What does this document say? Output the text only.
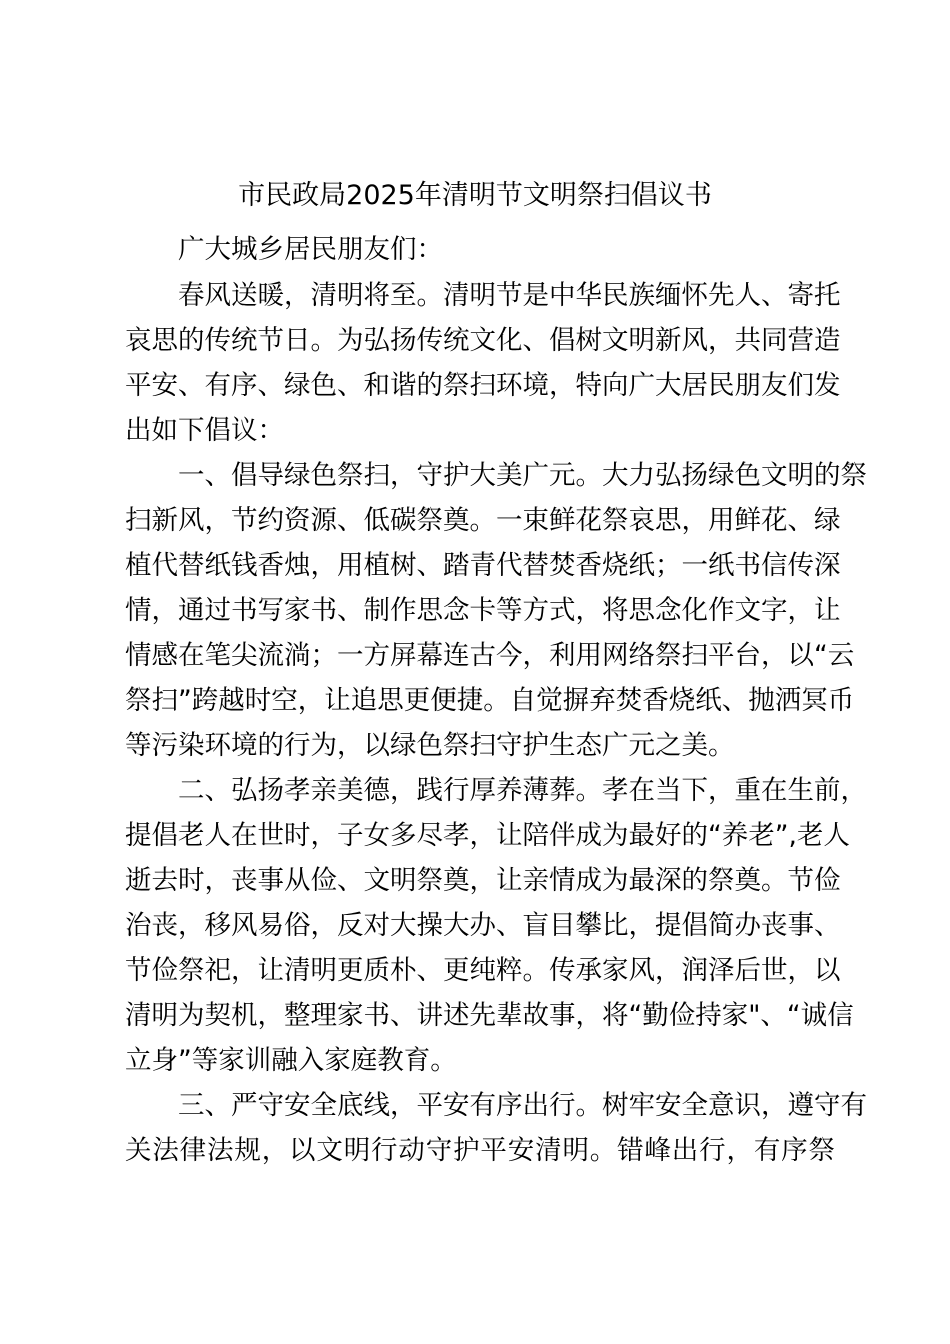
市民政局2025年清明节文明祭扫倡议书
广大城乡居民朋友们：
春风送暖，清明将至。清明节是中华民族缅怀先人、寄托
哀思的传统节日。为弘扬传统文化、倡树文明新风，共同营造
平安、有序、绿色、和谐的祭扫环境，特向广大居民朋友们发
出如下倡议：
一、倡导绿色祭扫，守护大美广元。大力弘扬绿色文明的祭
扫新风，节约资源、低碳祭奠。一束鲜花祭哀思，用鲜花、绿
植代替纸钱香烛，用植树、踏青代替焚香烧纸；一纸书信传深
情，通过书写家书、制作思念卡等方式，将思念化作文字，让
情感在笔尖流淌；一方屏幕连古今，利用网络祭扫平台，以“云
祭扫”跨越时空，让追思更便捷。自觉摒弃焚香烧纸、抛洒冥币
等污染环境的行为，以绿色祭扫守护生态广元之美。
二、弘扬孝亲美德，践行厚养薄葬。孝在当下，重在生前，
提倡老人在世时，子女多尽孝，让陪伴成为最好的“养老”,老人
逝去时，丧事从俭、文明祭奠，让亲情成为最深的祭奠。节俭
治丧，移风易俗，反对大操大办、盲目攀比，提倡简办丧事、
节俭祭祀，让清明更质朴、更纯粹。传承家风，润泽后世，以
清明为契机，整理家书、讲述先辈故事，将“勤俭持家"、“诚信
立身”等家训融入家庭教育。
三、严守安全底线，平安有序出行。树牢安全意识，遵守有
关法律法规，以文明行动守护平安清明。错峰出行，有序祭
